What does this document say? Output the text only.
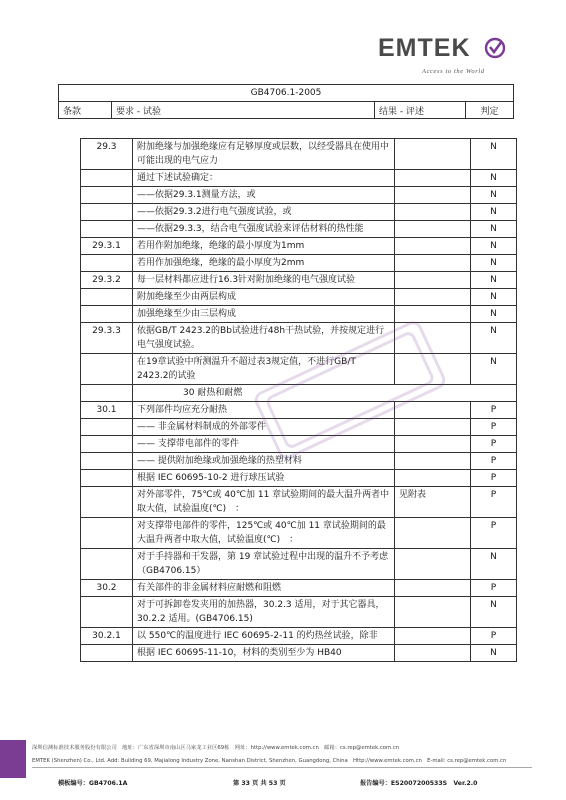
EMTEK
Access to the World
GB4706.1-2005
条款	要求 - 试验	结果 - 评述	判定
29.3	附加绝缘与加强绝缘应有足够厚度或层数，以经受器具在使用中可能出现的电气应力		N
	通过下述试验确定：		N
	——依据29.3.1测量方法，或		N
	——依据29.3.2进行电气强度试验，或		N
	——依据29.3.3，结合电气强度试验来评估材料的热性能		N
29.3.1	若用作附加绝缘，绝缘的最小厚度为1mm		N
	若用作加强绝缘，绝缘的最小厚度为2mm		N
29.3.2	每一层材料都应进行16.3针对附加绝缘的电气强度试验		N
	附加绝缘至少由两层构成		N
	加强绝缘至少由三层构成		N
29.3.3	依据GB/T 2423.2的Bb试验进行48h干热试验，并按规定进行电气强度试验。		N
	在19章试验中所测温升不超过表3规定值，不进行GB/T 2423.2的试验		N
	30 耐热和耐燃		
30.1	下列部件均应充分耐热		P
	—— 非金属材料制成的外部零件		P
	—— 支撑带电部件的零件		P
	—— 提供附加绝缘或加强绝缘的热塑材料		P
	根据 IEC 60695-10-2 进行球压试验		P
	对外部零件，75℃或 40℃加 11 章试验期间的最大温升两者中取大值，试验温度(℃)　：	见附表	P
	对支撑带电部件的零件，125℃或 40℃加 11 章试验期间的最大温升两者中取大值，试验温度(℃)　：		P
	对于手持器和干发器，第 19 章试验过程中出现的温升不予考虑（GB4706.15）		N
30.2	有关部件的非金属材料应耐燃和阻燃		P
	对于可拆卸卷发夹用的加热器，30.2.3 适用，对于其它器具，30.2.2 适用。(GB4706.15)		N
30.2.1	以 550℃的温度进行 IEC 60695-2-11 的灼热丝试验，除非		P
	根据 IEC 60695-11-10，材料的类别至少为 HB40		N
深圳信测标准技术服务股份有限公司　地址：广东省深圳市南山区马家龙工业区69栋　网址：http://www.emtek.com.cn　邮箱：cs.rep@emtek.com.cn
EMTEK (Shenzhen) Co., Ltd. Add: Building 69, Majialong Industry Zone, Nanshan District, Shenzhen, Guangdong, China　Http://www.emtek.com.cn　E-mail: cs.rep@emtek.com.cn
模板编号：GB4706.1A	第 33 页 共 53 页	报告编号：ES2007200533S　Ver.2.0
